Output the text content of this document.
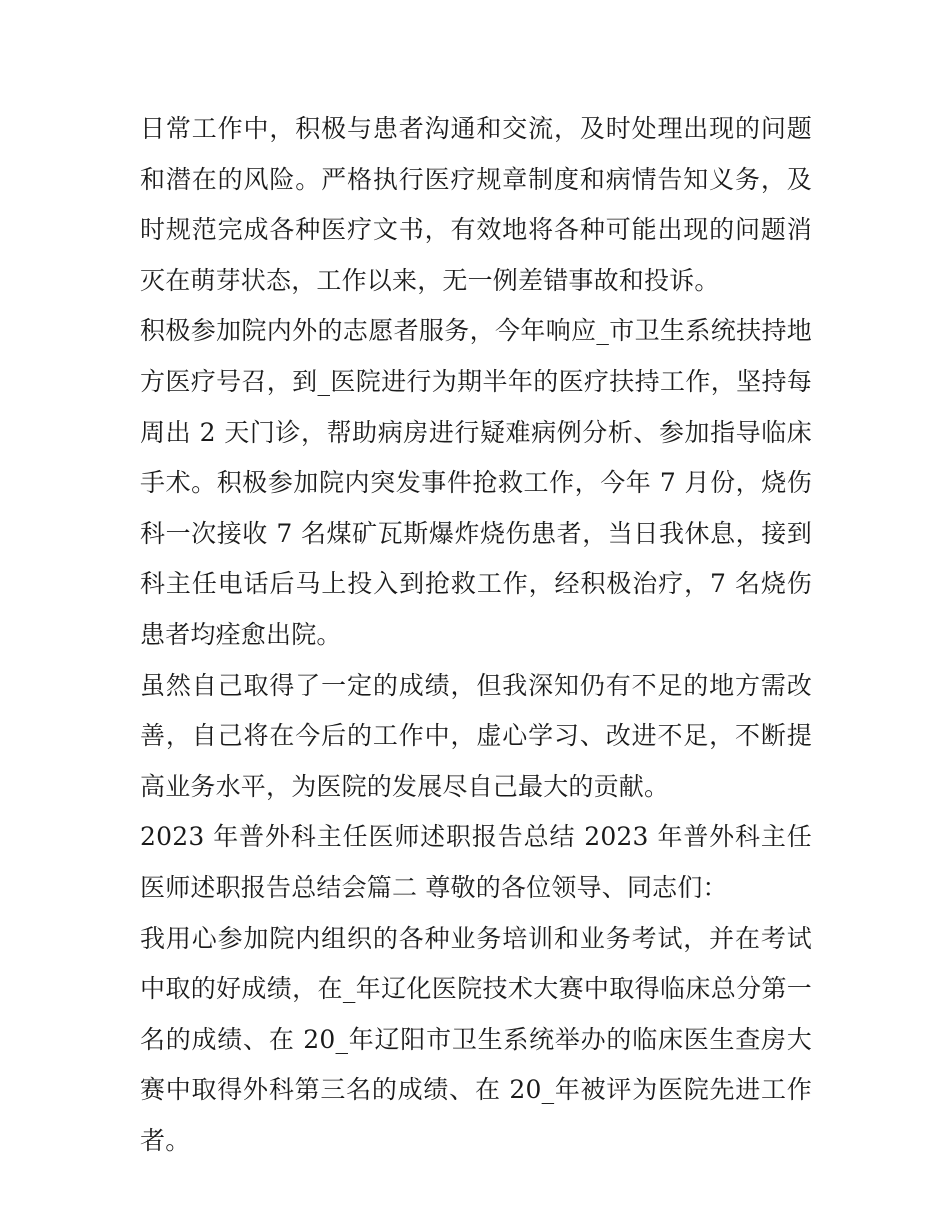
日常工作中，积极与患者沟通和交流，及时处理出现的问题和潜在的风险。严格执行医疗规章制度和病情告知义务，及时规范完成各种医疗文书，有效地将各种可能出现的问题消灭在萌芽状态，工作以来，无一例差错事故和投诉。

积极参加院内外的志愿者服务，今年响应_市卫生系统扶持地方医疗号召，到_医院进行为期半年的医疗扶持工作，坚持每周出 2 天门诊，帮助病房进行疑难病例分析、参加指导临床手术。积极参加院内突发事件抢救工作，今年 7 月份，烧伤科一次接收 7 名煤矿瓦斯爆炸烧伤患者，当日我休息，接到科主任电话后马上投入到抢救工作，经积极治疗，7 名烧伤患者均痊愈出院。

虽然自己取得了一定的成绩，但我深知仍有不足的地方需改善，自己将在今后的工作中，虚心学习、改进不足，不断提高业务水平，为医院的发展尽自己最大的贡献。

2023 年普外科主任医师述职报告总结 2023 年普外科主任医师述职报告总结会篇二 尊敬的各位领导、同志们：

我用心参加院内组织的各种业务培训和业务考试，并在考试中取的好成绩，在_年辽化医院技术大赛中取得临床总分第一名的成绩、在 20_年辽阳市卫生系统举办的临床医生查房大赛中取得外科第三名的成绩、在 20_年被评为医院先进工作者。
